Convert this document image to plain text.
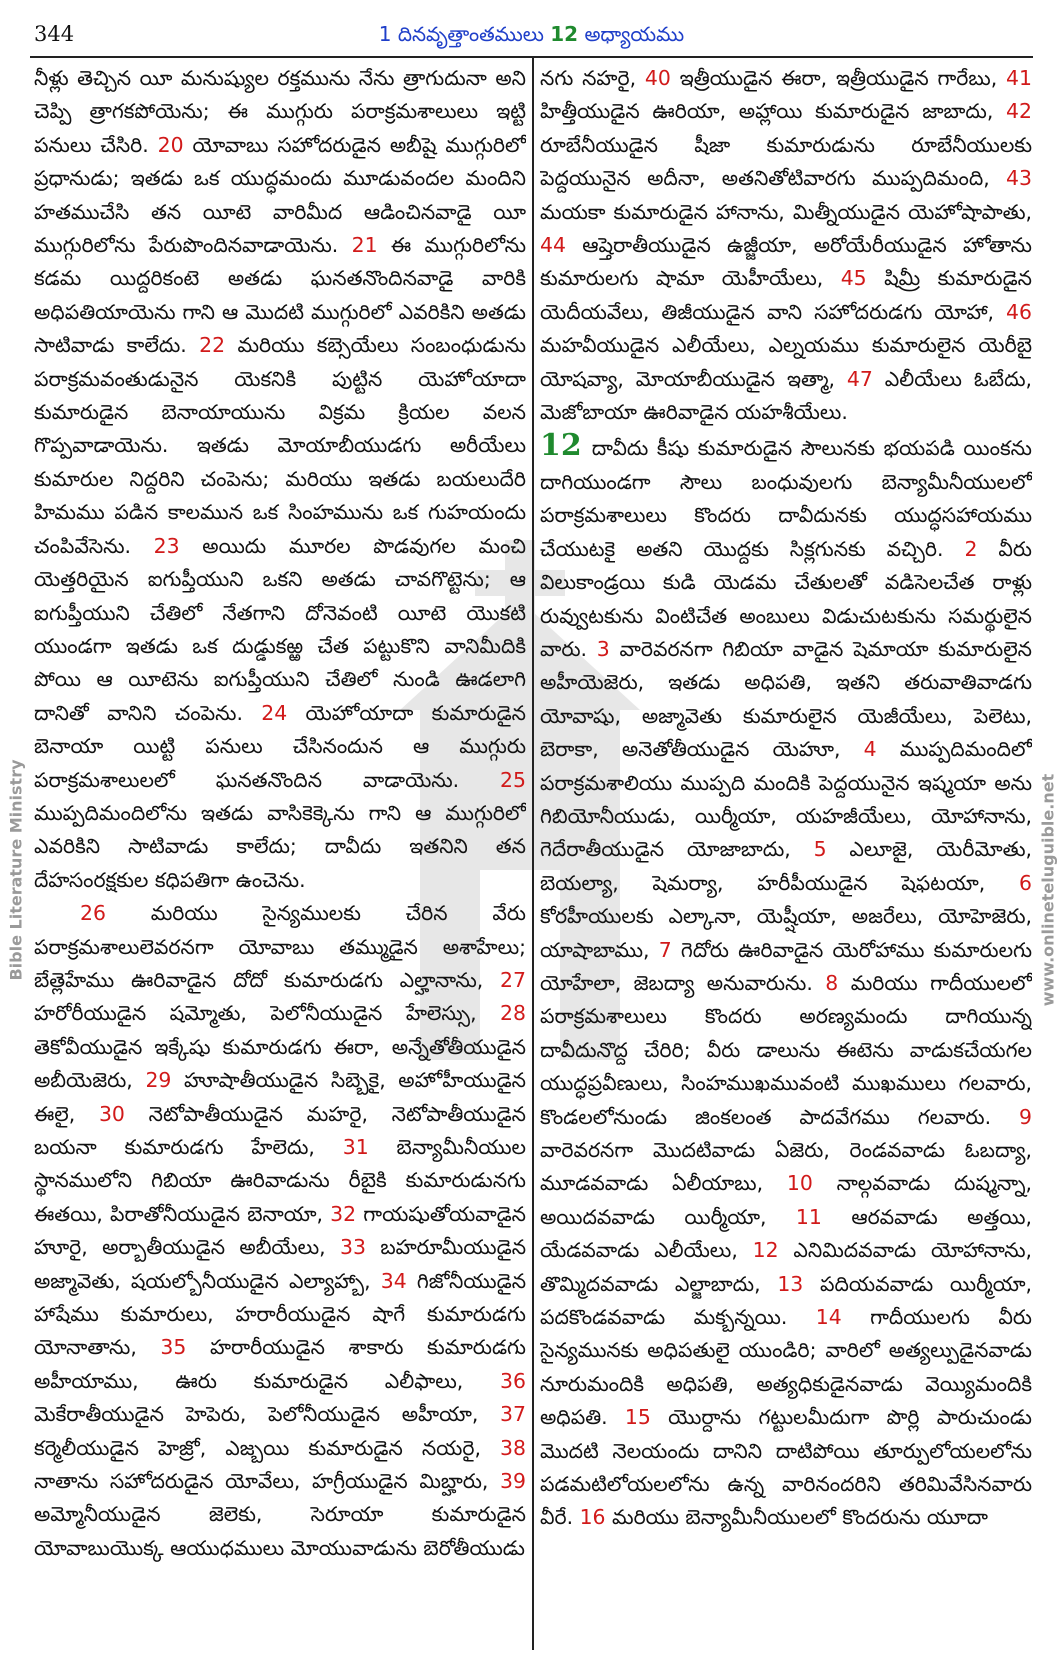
344	1 దినవృత్తాంతములు 12 అధ్యాయము

నీళ్లు తెచ్చిన యీ మనుష్యుల రక్తమును నేను త్రాగుదునా అని చెప్పి త్రాగకపోయెను; ఈ ముగ్గురు పరాక్రమశాలులు ఇట్టి పనులు చేసిరి. 20 యోవాబు సహోదరుడైన అబీషై ముగ్గురిలో ప్రధానుడు; ఇతడు ఒక యుద్ధమందు మూడువందల మందిని హతముచేసి తన యీటె వారిమీద ఆడించినవాడై యీ ముగ్గురిలోను పేరుపొందినవాడాయెను. 21 ఈ ముగ్గురిలోను కడమ యిద్దరికంటె అతడు ఘనతనొందినవాడై వారికి అధిపతియాయెను గాని ఆ మొదటి ముగ్గురిలో ఎవరికిని అతడు సాటివాడు కాలేదు. 22 మరియు కబ్సెయేలు సంబంధుడును పరాక్రమవంతుడునైన యెకనికి పుట్టిన యెహోయాదా కుమారుడైన బెనాయాయును విక్రమ క్రియల వలన గొప్పవాడాయెను. ఇతడు మోయాబీయుడగు అరీయేలు కుమారుల నిద్దరిని చంపెను; మరియు ఇతడు బయలుదేరి హిమము పడిన కాలమున ఒక సింహమును ఒక గుహయందు చంపివేసెను. 23 అయిదు మూరల పొడవుగల మంచి యెత్తరియైన ఐగుప్తీయుని ఒకని అతడు చావగొట్టెను; ఆ ఐగుప్తీయుని చేతిలో నేతగాని దోనెవంటి యీటె యొకటి యుండగా ఇతడు ఒక దుడ్డుకఱ్ఱ చేత పట్టుకొని వానిమీదికి పోయి ఆ యీటెను ఐగుప్తీయుని చేతిలో నుండి ఊడలాగి దానితో వానిని చంపెను. 24 యెహోయాదా కుమారుడైన బెనాయా యిట్టి పనులు చేసినందున ఆ ముగ్గురు పరాక్రమశాలులలో ఘనతనొందిన వాడాయెను. 25 ముప్పదిమందిలోను ఇతడు వాసికెక్కెను గాని ఆ ముగ్గురిలో ఎవరికిని సాటివాడు కాలేదు; దావీదు ఇతనిని తన దేహసంరక్షకుల కధిపతిగా ఉంచెను.

26 మరియు సైన్యములకు చేరిన వేరు పరాక్రమశాలులెవరనగా యోవాబు తమ్ముడైన అశాహేలు; బేత్లెహేము ఊరివాడైన దోదో కుమారుడగు ఎల్హానాను, 27 హరోరీయుడైన షమ్మోతు, పెలోనీయుడైన హేలెస్సు, 28 తెకోవీయుడైన ఇక్కేషు కుమారుడగు ఈరా, అన్నేతోతీయుడైన అబీయెజెరు, 29 హూషాతీయుడైన సిబ్బెకై, అహోహీయుడైన ఈలై, 30 నెటోపాతీయుడైన మహరై, నెటోపాతీయుడైన బయనా కుమారుడగు హేలెదు, 31 బెన్యామీనీయుల స్థానములోని గిబియా ఊరివాడును రీబైకి కుమారుడునగు ఈతయి, పిరాతోనీయుడైన బెనాయా, 32 గాయషుతోయవాడైన హూరై, అర్బాతీయుడైన అబీయేలు, 33 బహరూమీయుడైన అజ్మావెతు, షయల్బోనీయుడైన ఎల్యాహ్బా, 34 గిజోనీయుడైన హాషేము కుమారులు, హరారీయుడైన షాగే కుమారుడగు యోనాతాను, 35 హరారీయుడైన శాకారు కుమారుడగు అహీయాము, ఊరు కుమారుడైన ఎలీఫాలు, 36 మెకేరాతీయుడైన హెపెరు, పెలోనీయుడైన అహీయా, 37 కర్మెలీయుడైన హెజ్రో, ఎజ్బయి కుమారుడైన నయరై, 38 నాతాను సహోదరుడైన యోవేలు, హగ్రీయుడైన మిబ్హారు, 39 అమ్మోనీయుడైన జెలెకు, సెరూయా కుమారుడైన యోవాబుయొక్క ఆయుధములు మోయువాడును బెరోతీయుడు

నగు నహరై, 40 ఇత్రీయుడైన ఈరా, ఇత్రీయుడైన గారేబు, 41 హిత్తీయుడైన ఊరియా, అహ్లాయి కుమారుడైన జాబాదు, 42 రూబేనీయుడైన షీజా కుమారుడును రూబేనీయులకు పెద్దయునైన అదీనా, అతనితోటివారగు ముప్పదిమంది, 43 మయకా కుమారుడైన హానాను, మిత్నీయుడైన యెహోషాపాతు, 44 ఆష్తెరాతీయుడైన ఉజ్జీయా, అరోయేరీయుడైన హోతాను కుమారులగు షామా యెహీయేలు, 45 షిమ్రీ కుమారుడైన యెదీయవేలు, తిజీయుడైన వాని సహోదరుడగు యోహా, 46 మహవీయుడైన ఎలీయేలు, ఎల్నయము కుమారులైన యెరీబై యోషవ్యా, మోయాబీయుడైన ఇత్మా, 47 ఎలీయేలు ఓబేదు, మెజోబాయా ఊరివాడైన యహశీయేలు.

12 దావీదు కీషు కుమారుడైన సౌలునకు భయపడి యింకను దాగియుండగా సౌలు బంధువులగు బెన్యామీనీయులలో పరాక్రమశాలులు కొందరు దావీదునకు యుద్ధసహాయము చేయుటకై అతని యొద్దకు సిక్లగునకు వచ్చిరి. 2 వీరు విలుకాండ్రయి కుడి యెడమ చేతులతో వడిసెలచేత రాళ్లు రువ్వుటకును వింటిచేత అంబులు విడుచుటకును సమర్థులైన వారు. 3 వారెవరనగా గిబియా వాడైన షెమాయా కుమారులైన అహీయెజెరు, ఇతడు అధిపతి, ఇతని తరువాతివాడగు యోవాషు, అజ్మావెతు కుమారులైన యెజీయేలు, పెలెటు, బెరాకా, అనెతోతీయుడైన యెహూ, 4 ముప్పదిమందిలో పరాక్రమశాలియు ముప్పది మందికి పెద్దయునైన ఇష్మయా అను గిబియోనీయుడు, యిర్మీయా, యహజీయేలు, యోహానాను, గెదేరాతీయుడైన యోజాబాదు, 5 ఎలూజై, యెరీమోతు, బెయల్యా, షెమర్యా, హరీపీయుడైన షెఫటయా, 6 కోరహీయులకు ఎల్కానా, యెష్షీయా, అజరేలు, యోహెజెరు, యాషాబాము, 7 గెదోరు ఊరివాడైన యెరోహాము కుమారులగు యోహేలా, జెబద్యా అనువారును. 8 మరియు గాదీయులలో పరాక్రమశాలులు కొందరు అరణ్యమందు దాగియున్న దావీదునొద్ద చేరిరి; వీరు డాలును ఈటెను వాడుకచేయగల యుద్ధప్రవీణులు, సింహముఖమువంటి ముఖములు గలవారు, కొండలలోనుండు జింకలంత పాదవేగము గలవారు. 9 వారెవరనగా మొదటివాడు ఏజెరు, రెండవవాడు ఓబద్యా, మూడవవాడు ఏలీయాబు, 10 నాల్గవవాడు దుష్మన్నా, అయిదవవాడు యిర్మీయా, 11 ఆరవవాడు అత్తయి, యేడవవాడు ఎలీయేలు, 12 ఎనిమిదవవాడు యోహానాను, తొమ్మిదవవాడు ఎల్జాబాదు, 13 పదియవవాడు యిర్మీయా, పదకొండవవాడు మక్బన్నయి. 14 గాదీయులగు వీరు సైన్యమునకు అధిపతులై యుండిరి; వారిలో అత్యల్పుడైనవాడు నూరుమందికి అధిపతి, అత్యధికుడైనవాడు వెయ్యిమందికి అధిపతి. 15 యొర్దాను గట్టులమీదుగా పొర్లి పారుచుండు మొదటి నెలయందు దానిని దాటిపోయి తూర్పులోయలలోను పడమటిలోయలలోను ఉన్న వారినందరిని తరిమివేసినవారు వీరే. 16 మరియు బెన్యామీనీయులలో కొందరును యూదా

Bible Literature Ministry	www.onlineteluguible.net
